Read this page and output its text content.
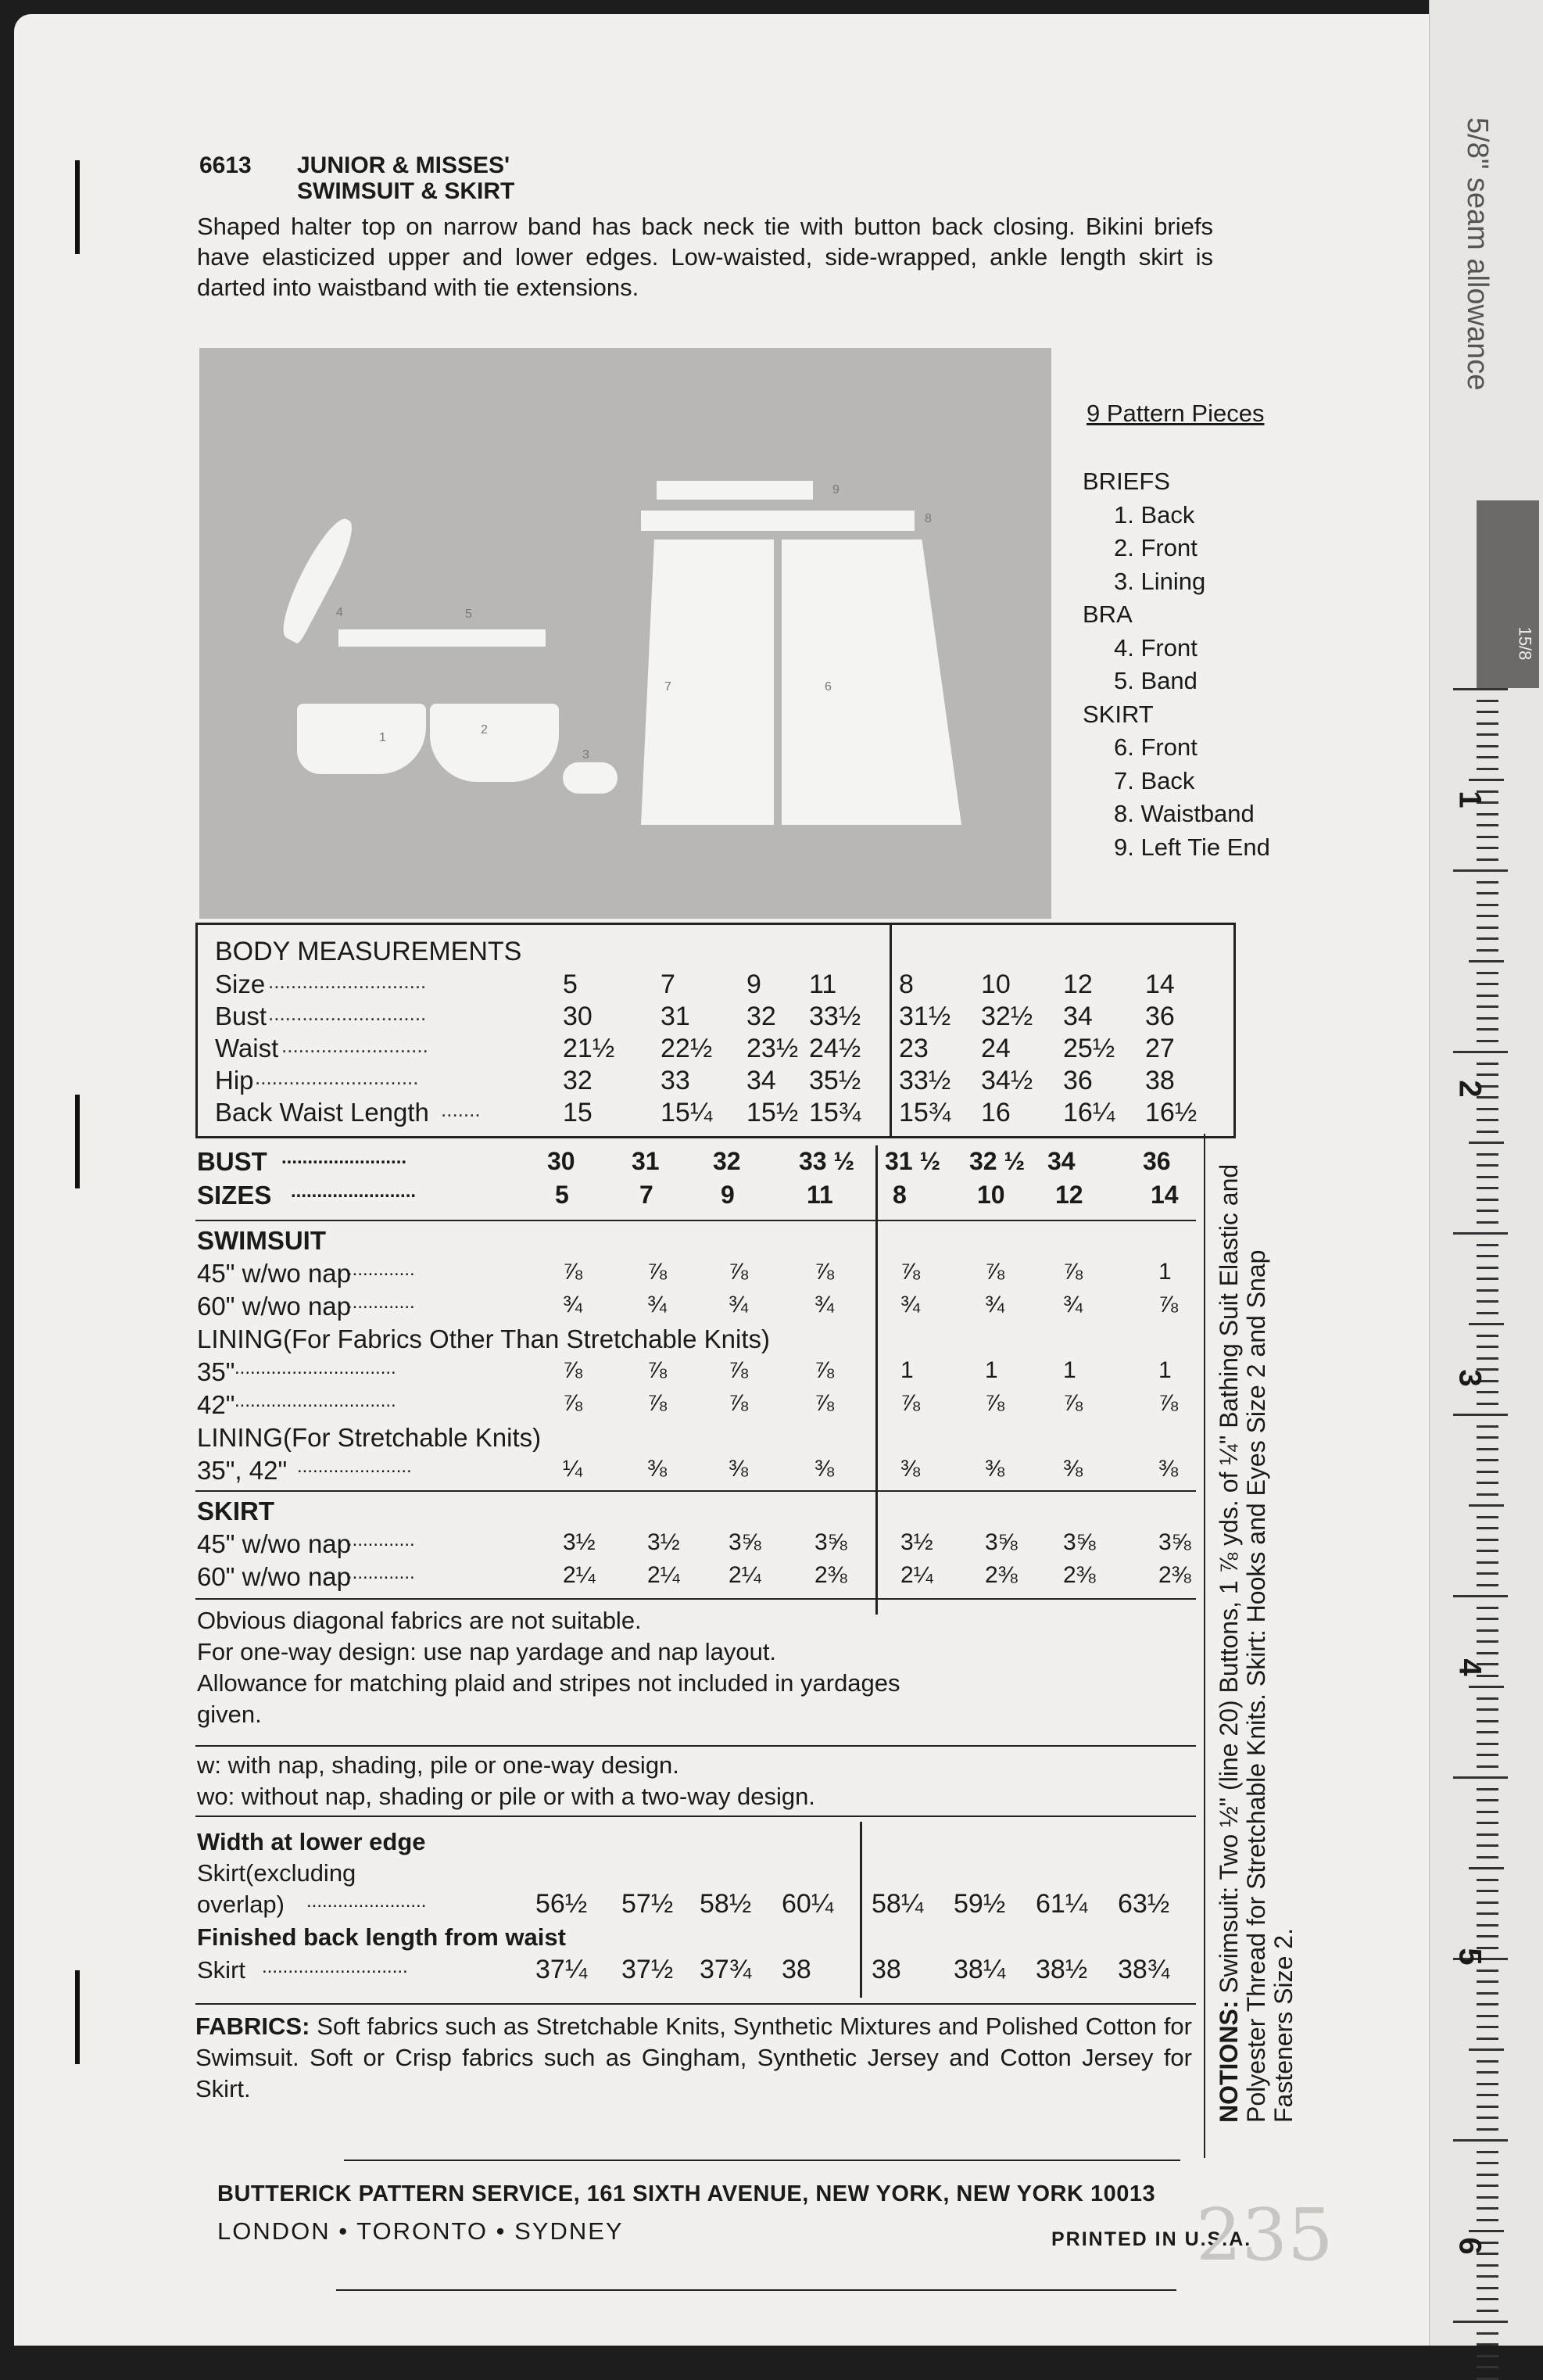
6613 JUNIOR & MISSES'
SWIMSUIT & SKIRT
Shaped halter top on narrow band has back neck tie with button back closing. Bikini briefs have elasticized upper and lower edges. Low-waisted, side-wrapped, ankle length skirt is darted into waistband with tie extensions.
1
2
3
4	5
6
7
8
9
9 Pattern Pieces
BRIEFS
1. Back
2. Front
3. Lining
BRA
4. Front
5. Band
SKIRT
6. Front
7. Back
8. Waistband
9. Left Tie End
BODY MEASUREMENTS
Size ............................	5	7	9 11 8	10 12 14
Bust ............................	30	31 32 33½ 31½ 32½ 34 36
Waist ..........................	21½ 22½ 23½ 24½ 23 24 25½ 27
Hip .............................	32	33 34 35½ 33½ 34½ 36 38
Back Waist Length .......	15	15¼ 15½ 15¾ 15¾ 16 16¼ 16½
BUST ........................	30 31 32 33 ½ 31 ½ 32 ½ 34	36
SIZES ........................	5	7	9	11 8	10 12	14
SWIMSUIT
45" w/wo nap
.............	⅞	⅞	⅞	⅞	⅞	⅞ ⅞	1
60" w/wo nap
.............	¾	¾	¾	¾	¾	¾ ¾	⅞
LINING(For Fabrics Other Than Stretchable Knits)
35" ...............................	⅞	⅞	⅞	⅞	1	1	1	1
42" ...............................	⅞	⅞	⅞	⅞	⅞	⅞ ⅞	⅞
LINING(For Stretchable Knits)
35", 42" ......................	¼	⅜	⅜	⅜	⅜	⅜ ⅜	⅜
SKIRT
45" w/wo nap
.............	3½ 3½ 3⅝ 3⅝ 3½ 3⅝ 3⅝	3⅝
60" w/wo nap
.............	2¼ 2¼ 2¼ 2⅜ 2¼ 2⅜ 2⅜	2⅜
Obvious diagonal fabrics are not suitable.
For one-way design: use nap yardage and nap layout.
Allowance for matching plaid and stripes not included in yardages
given.
w: with nap, shading, pile or one-way design.
wo: without nap, shading or pile or with a two-way design.
Width at lower edge
Skirt(excluding
overlap) .......................	56½ 57½ 58½ 60¼ 58¼ 59½ 61¼ 63½
Finished back length from waist
Skirt ............................	37¼ 37½ 37¾ 38 38 38¼ 38½ 38¾
FABRICS: Soft fabrics such as Stretchable Knits, Synthetic Mixtures and Polished Cotton for Swimsuit. Soft or Crisp fabrics such as Gingham, Synthetic Jersey and Cotton Jersey for Skirt.	NOTIONS: Swimsuit: Two ½" (line 20) Buttons, 1 ⅞ yds. of ¼" Bathing Suit Elastic and Polyester Thread for Stretchable Knits. Skirt: Hooks and Eyes Size 2 and Snap Fasteners Size 2.
BUTTERICK PATTERN SERVICE, 161 SIXTH AVENUE, NEW YORK, NEW YORK 10013
LONDON • TORONTO • SYDNEY	PRINTED IN U.S.A.
235
5/8" seam allowance
15/8
1
2
3
4
5
6
